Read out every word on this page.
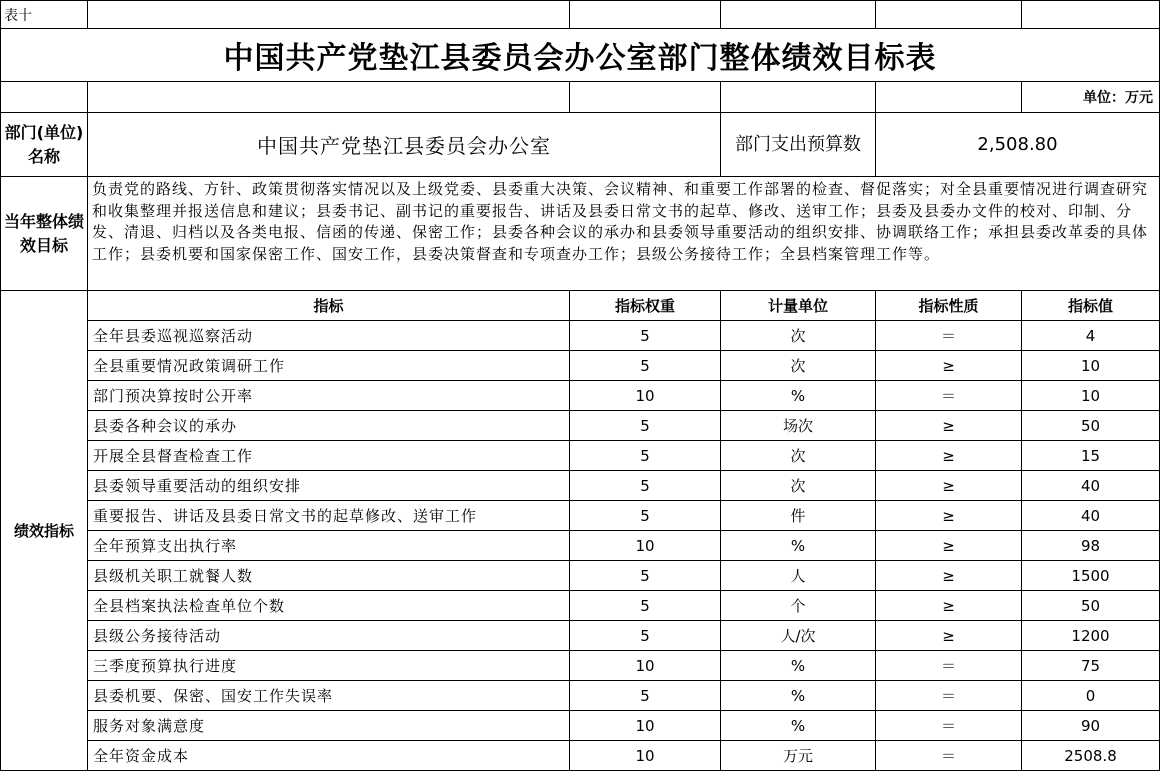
表十					
中国共产党垫江县委员会办公室部门整体绩效目标表					
					单位：万元
部门(单位)名称	中国共产党垫江县委员会办公室		部门支出预算数	2,508.80	
当年整体绩效目标	负责党的路线、方针、政策贯彻落实情况以及上级党委、县委重大决策、会议精神、和重要工作部署的检查、督促落实；对全县重要情况进行调查研究和收集整理并报送信息和建议；县委书记、副书记的重要报告、讲话及县委日常文书的起草、修改、送审工作；县委及县委办文件的校对、印制、分发、清退、归档以及各类电报、信函的传递、保密工作；县委各种会议的承办和县委领导重要活动的组织安排、协调联络工作；承担县委改革委的具体工作；县委机要和国家保密工作、国安工作，县委决策督查和专项查办工作；县级公务接待工作；全县档案管理工作等。				
绩效指标	指标	指标权重	计量单位	指标性质	指标值
	全年县委巡视巡察活动	5	次	＝	4
	全县重要情况政策调研工作	5	次	≥	10
	部门预决算按时公开率	10	%	＝	10
	县委各种会议的承办	5	场次	≥	50
	开展全县督查检查工作	5	次	≥	15
	县委领导重要活动的组织安排	5	次	≥	40
	重要报告、讲话及县委日常文书的起草修改、送审工作	5	件	≥	40
	全年预算支出执行率	10	%	≥	98
	县级机关职工就餐人数	5	人	≥	1500
	全县档案执法检查单位个数	5	个	≥	50
	县级公务接待活动	5	人/次	≥	1200
	三季度预算执行进度	10	%	＝	75
	县委机要、保密、国安工作失误率	5	%	＝	0
	服务对象满意度	10	%	＝	90
	全年资金成本	10	万元	＝	2508.8
